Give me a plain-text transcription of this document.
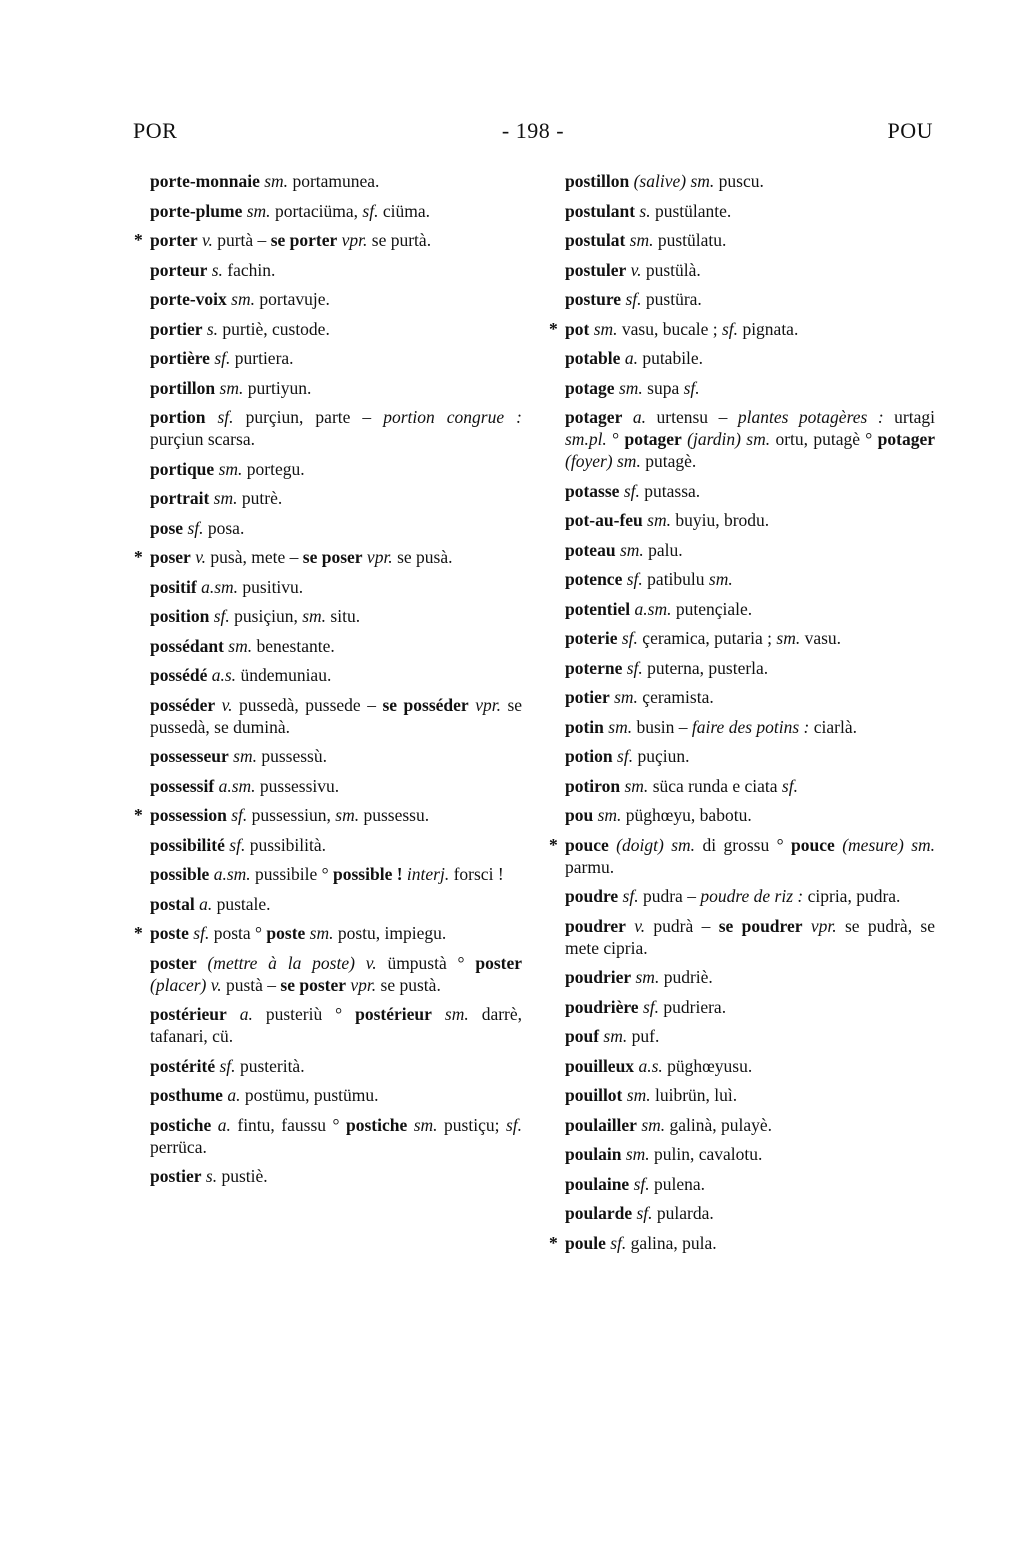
POR	- 198 -	POU
porte-monnaie sm. portamunea.
porte-plume sm. portaciüma, sf. ciüma.
* porter v. purtà – se porter vpr. se purtà.
porteur s. fachin.
porte-voix sm. portavuje.
portier s. purtiè, custode.
portière sf. purtiera.
portillon sm. purtiyun.
portion sf. purçiun, parte – portion congrue : purçiun scarsa.
portique sm. portegu.
portrait sm. putrè.
pose sf. posa.
* poser v. pusà, mete – se poser vpr. se pusà.
positif a.sm. pusitivu.
position sf. pusiçiun, sm. situ.
possédant sm. benestante.
possédé a.s. ündemuniau.
posséder v. pussedà, pussede – se posséder vpr. se pussedà, se duminà.
possesseur sm. pussessù.
possessif a.sm. pussessivu.
* possession sf. pussessiun, sm. pussessu.
possibilité sf. pussibilità.
possible a.sm. pussibile ° possible ! interj. forsci !
postal a. pustale.
* poste sf. posta ° poste sm. postu, impiegu.
poster (mettre à la poste) v. ümpustà ° poster (placer) v. pustà – se poster vpr. se pustà.
postérieur a. pusteriù ° postérieur sm. darrè, tafanari, cü.
postérité sf. pusterità.
posthume a. postümu, pustümu.
postiche a. fintu, faussu ° postiche sm. pustiçu; sf. perrüca.
postier s. pustiè.
postillon (salive) sm. puscu.
postulant s. pustülante.
postulat sm. pustülatu.
postuler v. pustülà.
posture sf. pustüra.
* pot sm. vasu, bucale ; sf. pignata.
potable a. putabile.
potage sm. supa sf.
potager a. urtensu – plantes potagères : urtagi sm.pl. ° potager (jardin) sm. ortu, putagè ° potager (foyer) sm. putagè.
potasse sf. putassa.
pot-au-feu sm. buyiu, brodu.
poteau sm. palu.
potence sf. patibulu sm.
potentiel a.sm. putençiale.
poterie sf. çeramica, putaria ; sm. vasu.
poterne sf. puterna, pusterla.
potier sm. çeramista.
potin sm. busin – faire des potins : ciarlà.
potion sf. puçiun.
potiron sm. süca runda e ciata sf.
pou sm. püghœyu, babotu.
* pouce (doigt) sm. di grossu ° pouce (mesure) sm. parmu.
poudre sf. pudra – poudre de riz : cipria, pudra.
poudrer v. pudrà – se poudrer vpr. se pudrà, se mete cipria.
poudrier sm. pudriè.
poudrière sf. pudriera.
pouf sm. puf.
pouilleux a.s. püghœyusu.
pouillot sm. luibrün, luì.
poulailler sm. galinà, pulayè.
poulain sm. pulin, cavalotu.
poulaine sf. pulena.
poularde sf. pularda.
* poule sf. galina, pula.
